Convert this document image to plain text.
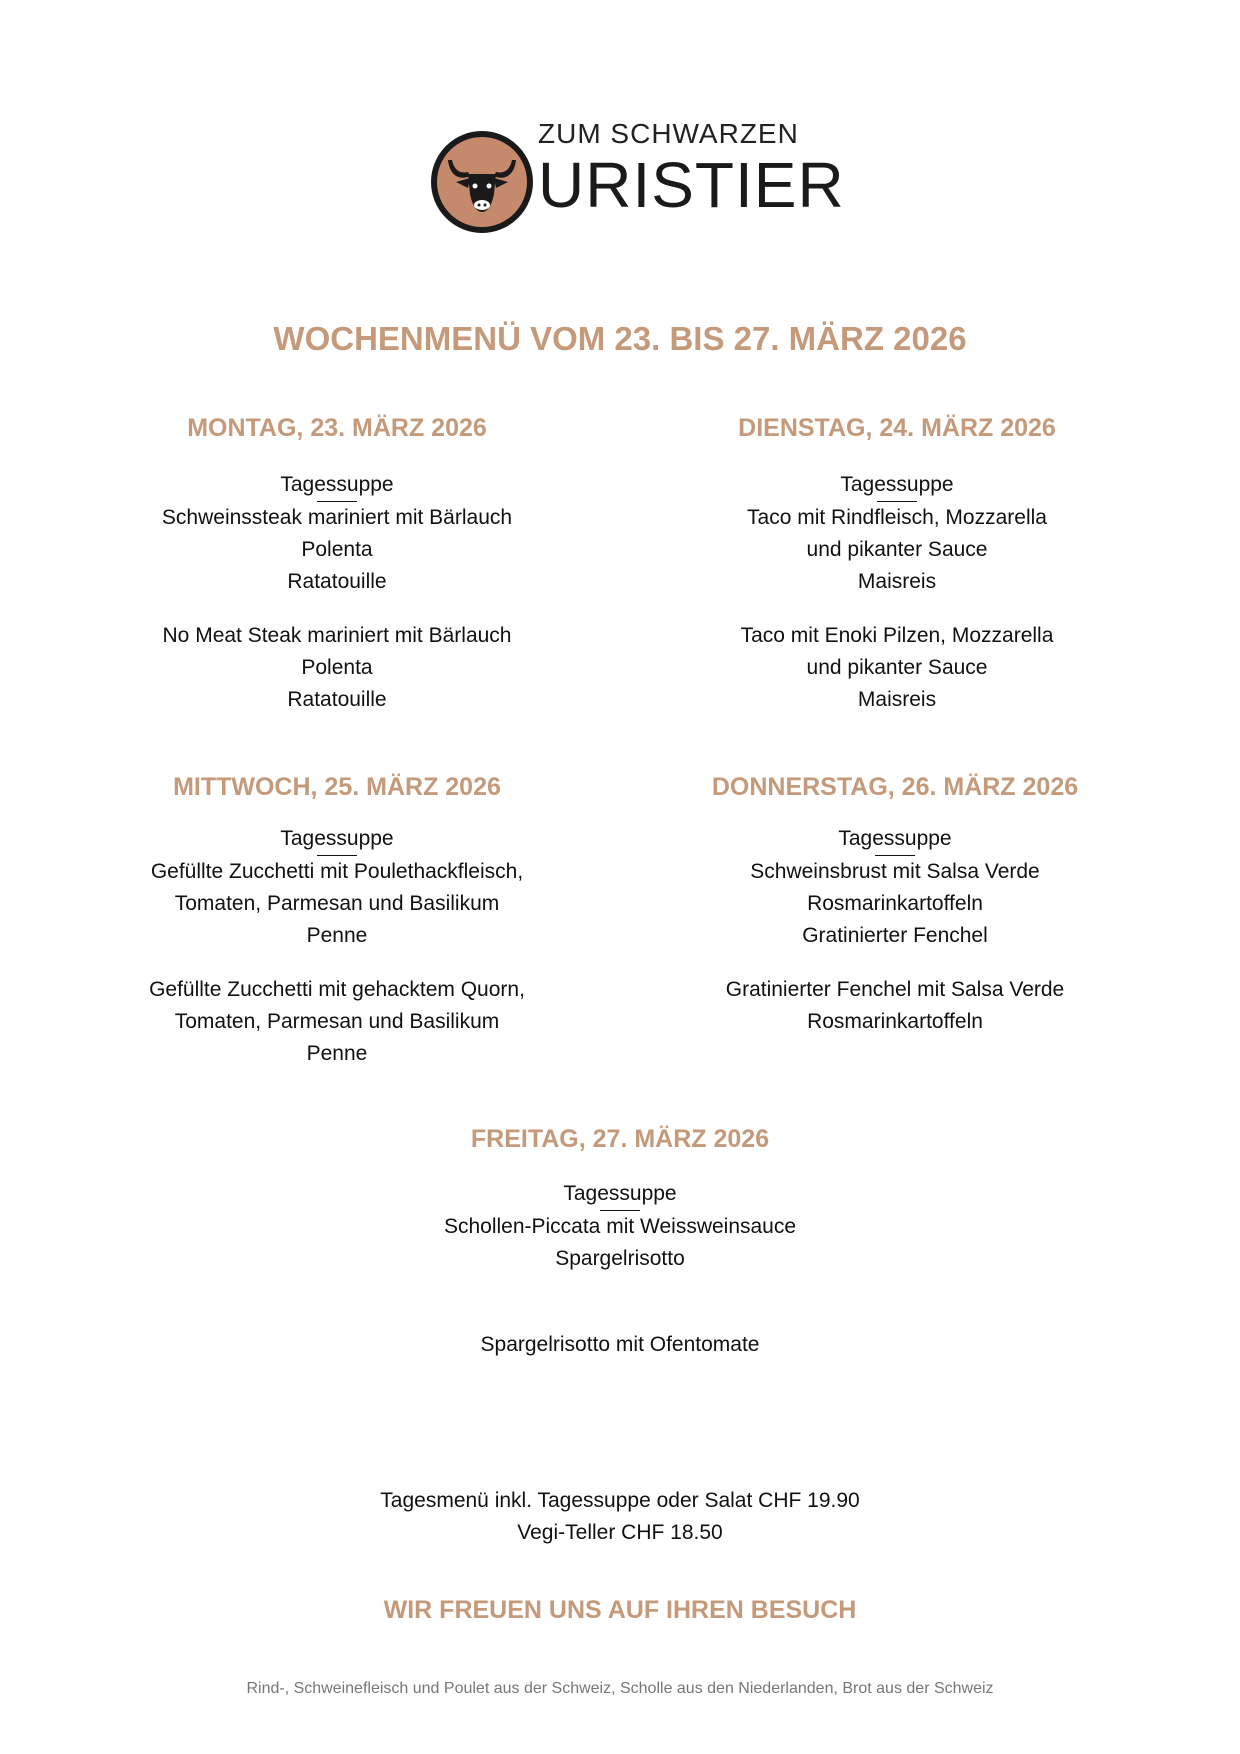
ZUM SCHWARZEN
URISTIER
WOCHENMENÜ VOM 23. BIS 27. MÄRZ 2026
MONTAG, 23. MÄRZ 2026
Tagessuppe
Schweinssteak mariniert mit Bärlauch
Polenta
Ratatouille
No Meat Steak mariniert mit Bärlauch
Polenta
Ratatouille
DIENSTAG, 24. MÄRZ 2026
Tagessuppe
Taco mit Rindfleisch, Mozzarella
und pikanter Sauce
Maisreis
Taco mit Enoki Pilzen, Mozzarella
und pikanter Sauce
Maisreis
MITTWOCH, 25. MÄRZ 2026
Tagessuppe
Gefüllte Zucchetti mit Poulethackfleisch,
Tomaten, Parmesan und Basilikum
Penne
Gefüllte Zucchetti mit gehacktem Quorn,
Tomaten, Parmesan und Basilikum
Penne
DONNERSTAG, 26. MÄRZ 2026
Tagessuppe
Schweinsbrust mit Salsa Verde
Rosmarinkartoffeln
Gratinierter Fenchel
Gratinierter Fenchel mit Salsa Verde
Rosmarinkartoffeln
FREITAG, 27. MÄRZ 2026
Tagessuppe
Schollen-Piccata mit Weissweinsauce
Spargelrisotto
Spargelrisotto mit Ofentomate
Tagesmenü inkl. Tagessuppe oder Salat CHF 19.90
Vegi-Teller CHF 18.50
WIR FREUEN UNS AUF IHREN BESUCH
Rind-, Schweinefleisch und Poulet aus der Schweiz, Scholle aus den Niederlanden, Brot aus der Schweiz
